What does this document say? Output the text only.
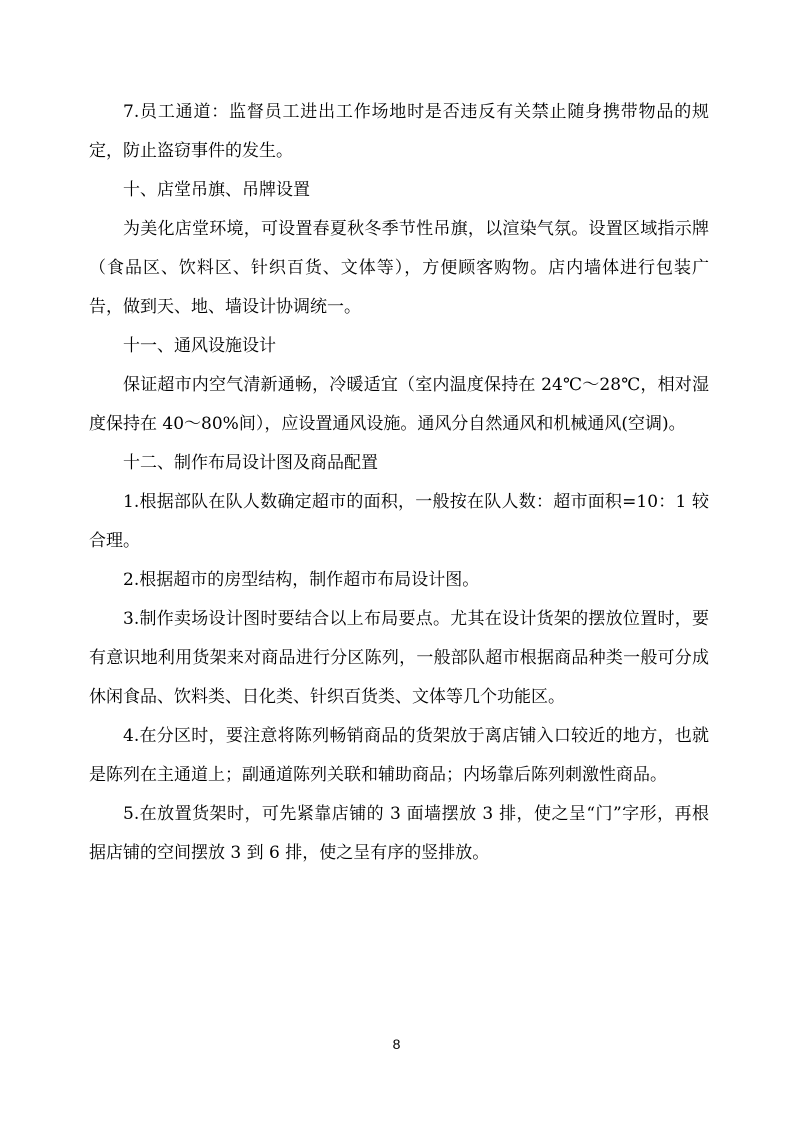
7.员工通道：监督员工进出工作场地时是否违反有关禁止随身携带物品的规定，防止盗窃事件的发生。

十、店堂吊旗、吊牌设置

为美化店堂环境，可设置春夏秋冬季节性吊旗，以渲染气氛。设置区域指示牌（食品区、饮料区、针织百货、文体等），方便顾客购物。店内墙体进行包装广告，做到天、地、墙设计协调统一。

十一、通风设施设计

保证超市内空气清新通畅，冷暖适宜（室内温度保持在 24℃～28℃，相对湿度保持在 40～80%间），应设置通风设施。通风分自然通风和机械通风(空调)。

十二、制作布局设计图及商品配置

1.根据部队在队人数确定超市的面积，一般按在队人数：超市面积=10：1 较合理。

2.根据超市的房型结构，制作超市布局设计图。

3.制作卖场设计图时要结合以上布局要点。尤其在设计货架的摆放位置时，要有意识地利用货架来对商品进行分区陈列，一般部队超市根据商品种类一般可分成休闲食品、饮料类、日化类、针织百货类、文体等几个功能区。

4.在分区时，要注意将陈列畅销商品的货架放于离店铺入口较近的地方，也就是陈列在主通道上；副通道陈列关联和辅助商品；内场靠后陈列刺激性商品。

5.在放置货架时，可先紧靠店铺的 3 面墙摆放 3 排，使之呈“门”字形，再根据店铺的空间摆放 3 到 6 排，使之呈有序的竖排放。

8
